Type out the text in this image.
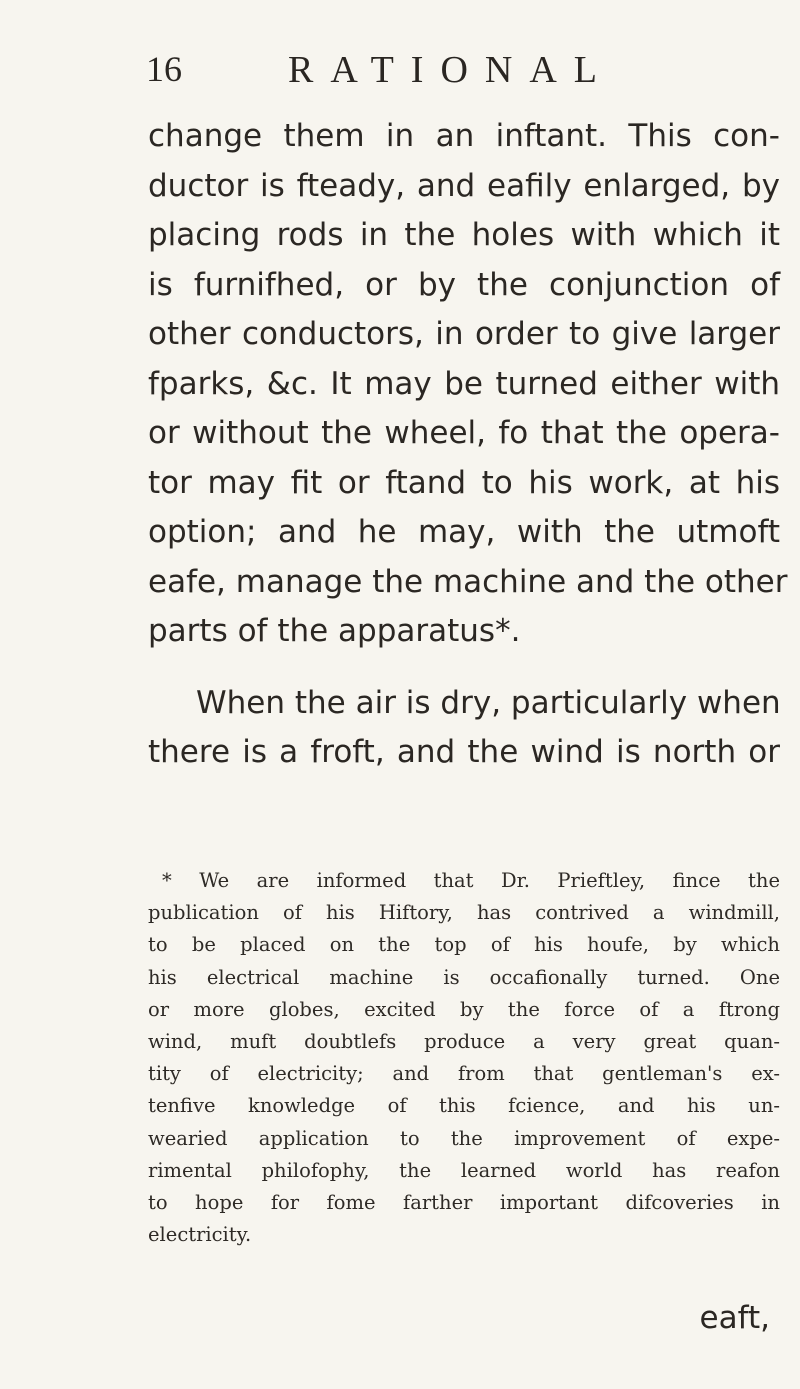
16	RATIONAL
change them in an inftant. This con-
ductor is fteady, and eafily enlarged, by
placing rods in the holes with which it
is furnifhed, or by the conjunction of
other conductors, in order to give larger
fparks, &c. It may be turned either with
or without the wheel, fo that the opera-
tor may fit or ftand to his work, at his
option; and he may, with the utmoft
eafe, manage the machine and the other
parts of the apparatus*.
When the air is dry, particularly when
there is a froft, and the wind is north or
* We are informed that Dr. Prieftley, fince the
publication of his Hiftory, has contrived a windmill,
to be placed on the top of his houfe, by which
his electrical machine is occafionally turned. One
or more globes, excited by the force of a ftrong
wind, muft doubtlefs produce a very great quan-
tity of electricity; and from that gentleman's ex-
tenfive knowledge of this fcience, and his un-
wearied application to the improvement of expe-
rimental philofophy, the learned world has reafon
to hope for fome farther important difcoveries in
electricity.
eaft,
